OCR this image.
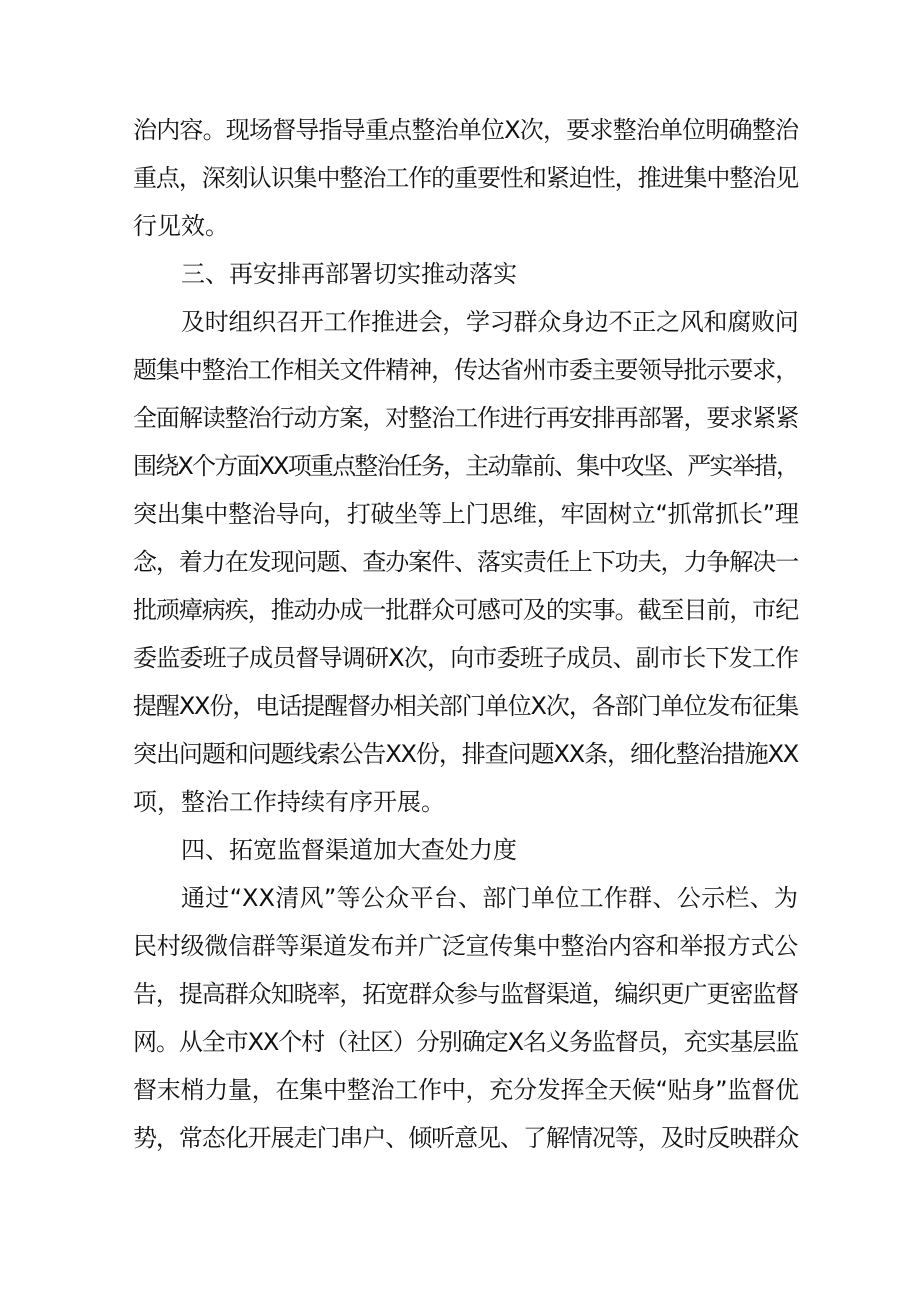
治内容。现场督导指导重点整治单位X次，要求整治单位明确整治

重点，深刻认识集中整治工作的重要性和紧迫性，推进集中整治见

行见效。

三、再安排再部署切实推动落实

及时组织召开工作推进会，学习群众身边不正之风和腐败问

题集中整治工作相关文件精神，传达省州市委主要领导批示要求，

全面解读整治行动方案，对整治工作进行再安排再部署，要求紧紧

围绕X个方面XX项重点整治任务，主动靠前、集中攻坚、严实举措，

突出集中整治导向，打破坐等上门思维，牢固树立“抓常抓长”理

念，着力在发现问题、查办案件、落实责任上下功夫，力争解决一

批顽瘴病疾，推动办成一批群众可感可及的实事。截至目前，市纪

委监委班子成员督导调研X次，向市委班子成员、副市长下发工作

提醒XX份，电话提醒督办相关部门单位X次，各部门单位发布征集

突出问题和问题线索公告XX份，排查问题XX条，细化整治措施XX

项，整治工作持续有序开展。

四、拓宽监督渠道加大查处力度

通过“XX清风”等公众平台、部门单位工作群、公示栏、为

民村级微信群等渠道发布并广泛宣传集中整治内容和举报方式公

告，提高群众知晓率，拓宽群众参与监督渠道，编织更广更密监督

网。从全市XX个村（社区）分别确定X名义务监督员，充实基层监

督末梢力量，在集中整治工作中，充分发挥全天候“贴身”监督优

势，常态化开展走门串户、倾听意见、了解情况等，及时反映群众
